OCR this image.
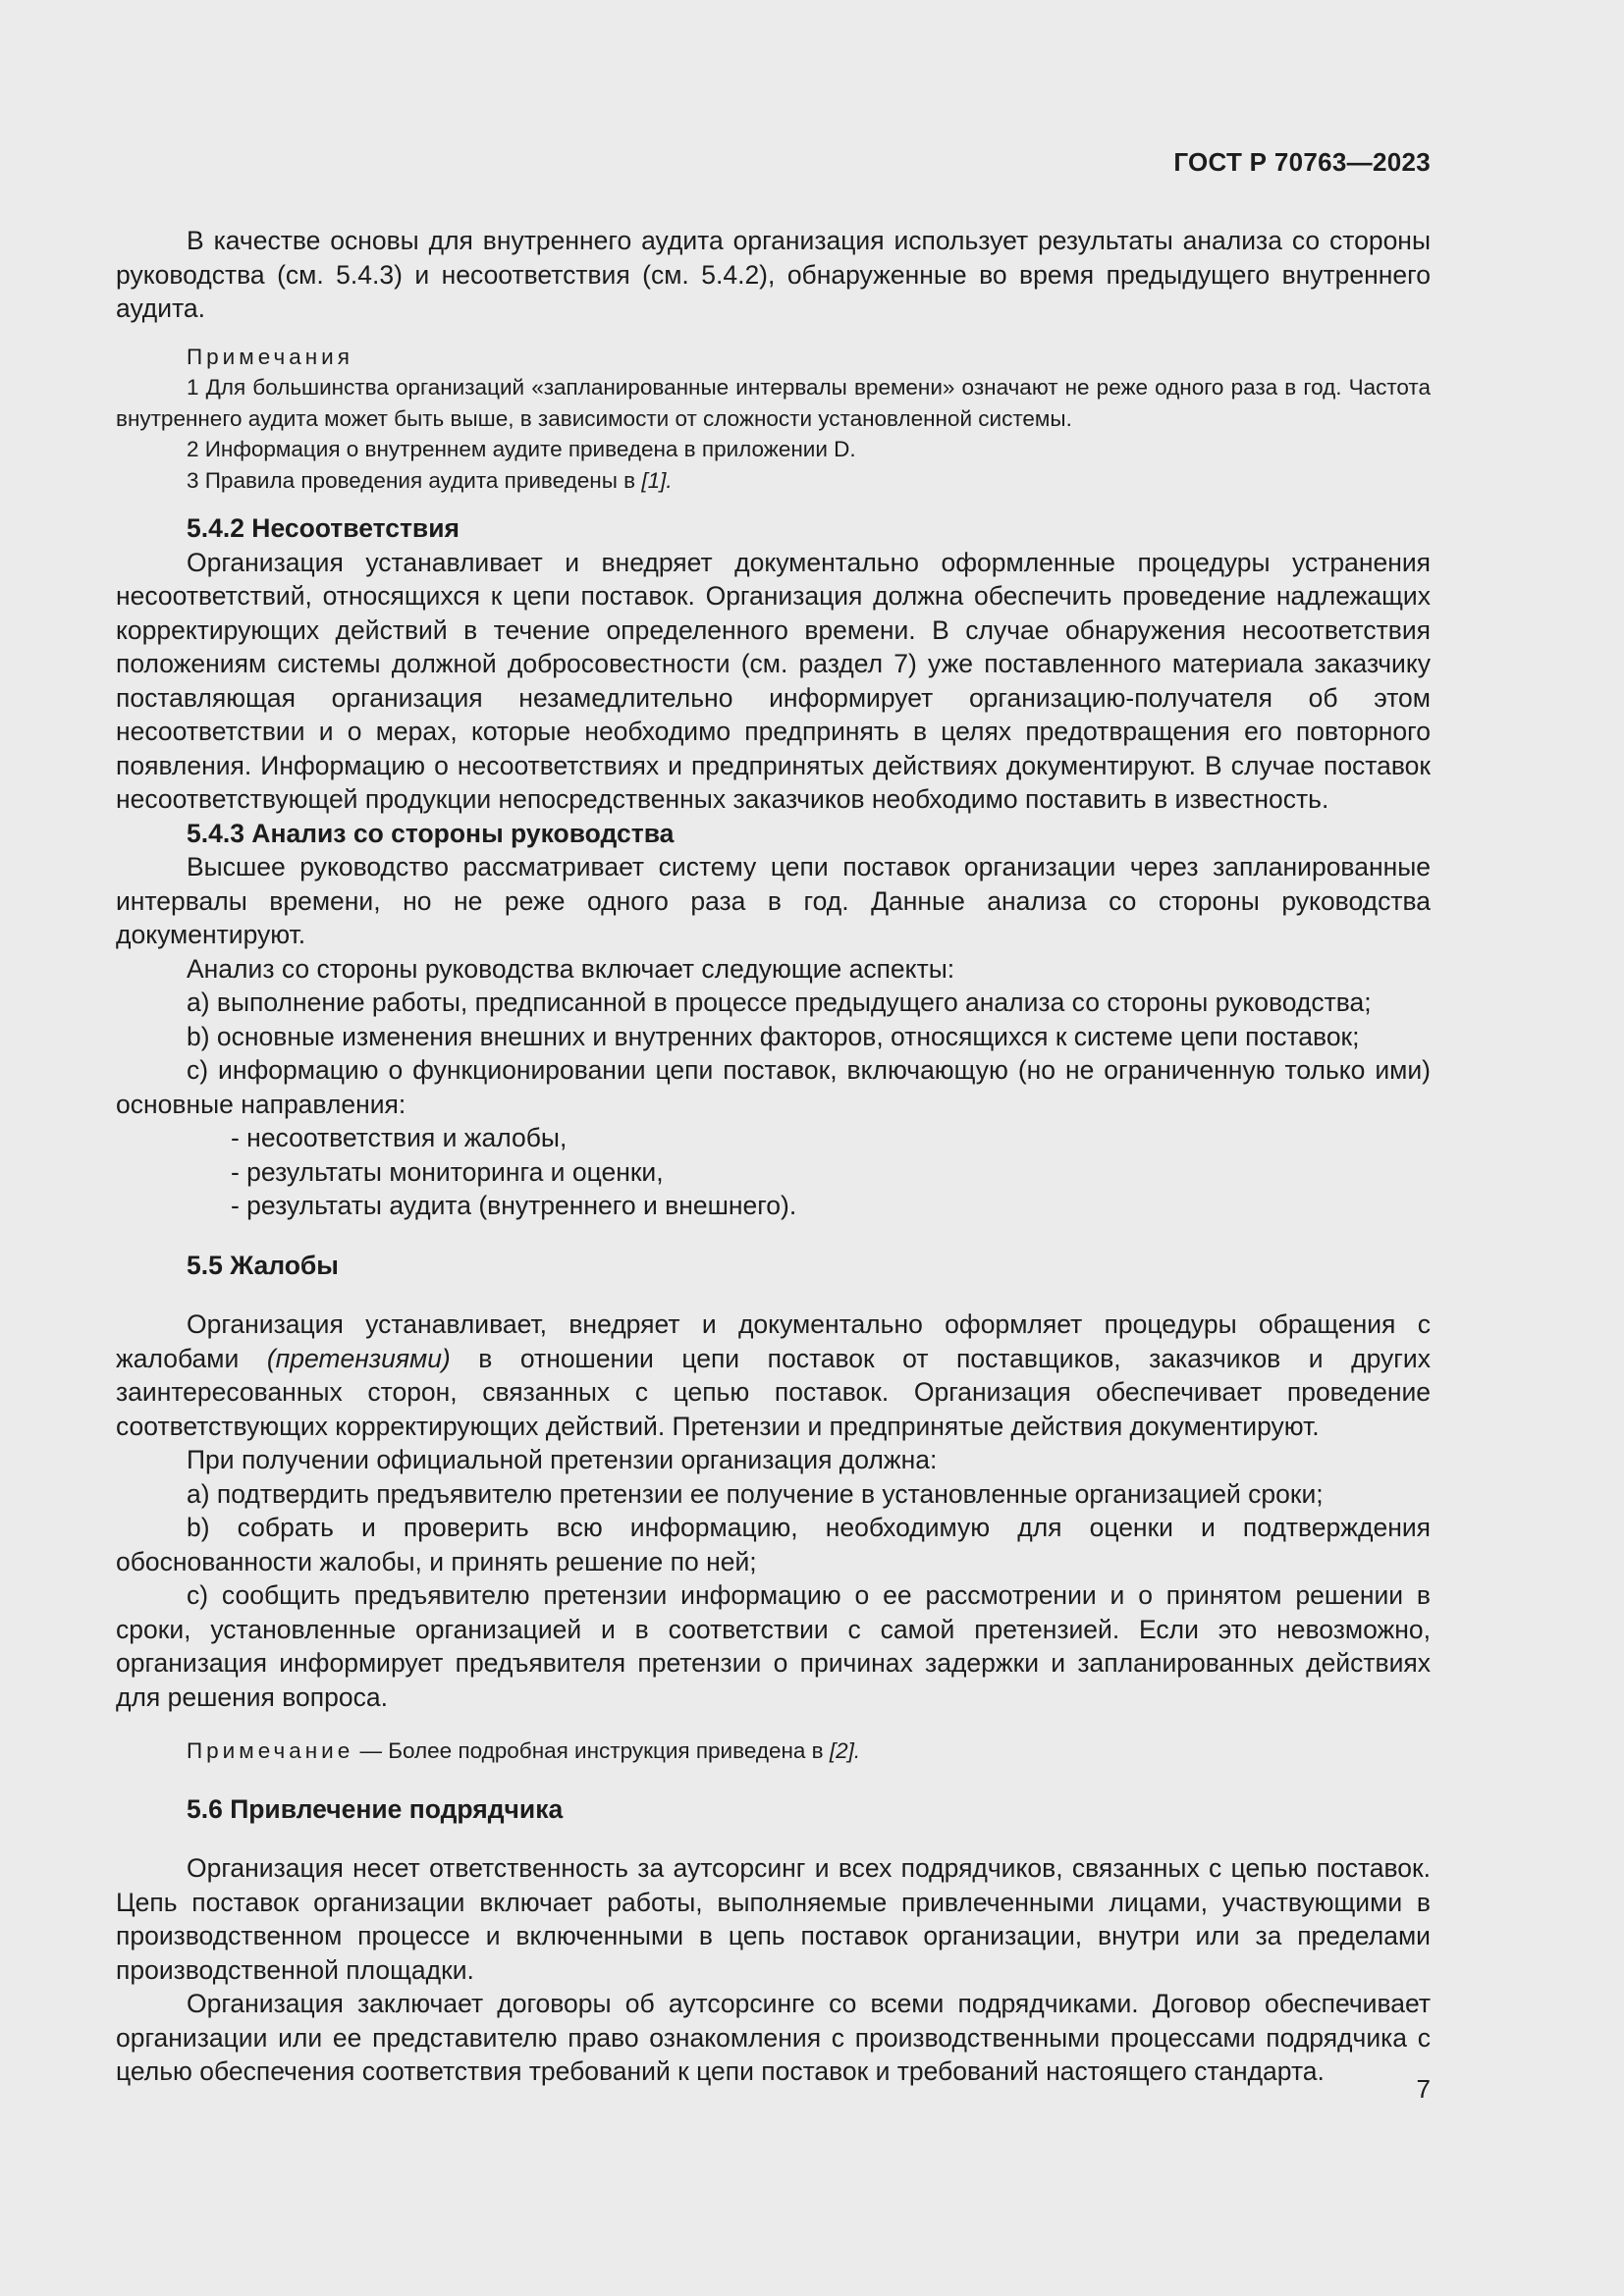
ГОСТ Р 70763—2023

В качестве основы для внутреннего аудита организация использует результаты анализа со стороны руководства (см. 5.4.3) и несоответствия (см. 5.4.2), обнаруженные во время предыдущего внутреннего аудита.

Примечания

1 Для большинства организаций «запланированные интервалы времени» означают не реже одного раза в год. Частота внутреннего аудита может быть выше, в зависимости от сложности установленной системы.

2 Информация о внутреннем аудите приведена в приложении D.

3 Правила проведения аудита приведены в [1].

5.4.2 Несоответствия

Организация устанавливает и внедряет документально оформленные процедуры устранения несоответствий, относящихся к цепи поставок. Организация должна обеспечить проведение надлежащих корректирующих действий в течение определенного времени. В случае обнаружения несоответствия положениям системы должной добросовестности (см. раздел 7) уже поставленного материала заказчику поставляющая организация незамедлительно информирует организацию-получателя об этом несоответствии и о мерах, которые необходимо предпринять в целях предотвращения его повторного появления. Информацию о несоответствиях и предпринятых действиях документируют. В случае поставок несоответствующей продукции непосредственных заказчиков необходимо поставить в известность.

5.4.3 Анализ со стороны руководства

Высшее руководство рассматривает систему цепи поставок организации через запланированные интервалы времени, но не реже одного раза в год. Данные анализа со стороны руководства документируют.

Анализ со стороны руководства включает следующие аспекты:

a) выполнение работы, предписанной в процессе предыдущего анализа со стороны руководства;

b) основные изменения внешних и внутренних факторов, относящихся к системе цепи поставок;

c) информацию о функционировании цепи поставок, включающую (но не ограниченную только ими) основные направления:

- несоответствия и жалобы,

- результаты мониторинга и оценки,

- результаты аудита (внутреннего и внешнего).

5.5 Жалобы

Организация устанавливает, внедряет и документально оформляет процедуры обращения с жалобами (претензиями) в отношении цепи поставок от поставщиков, заказчиков и других заинтересованных сторон, связанных с цепью поставок. Организация обеспечивает проведение соответствующих корректирующих действий. Претензии и предпринятые действия документируют.

При получении официальной претензии организация должна:

a) подтвердить предъявителю претензии ее получение в установленные организацией сроки;

b) собрать и проверить всю информацию, необходимую для оценки и подтверждения обоснованности жалобы, и принять решение по ней;

c) сообщить предъявителю претензии информацию о ее рассмотрении и о принятом решении в сроки, установленные организацией и в соответствии с самой претензией. Если это невозможно, организация информирует предъявителя претензии о причинах задержки и запланированных действиях для решения вопроса.

Примечание — Более подробная инструкция приведена в [2].

5.6 Привлечение подрядчика

Организация несет ответственность за аутсорсинг и всех подрядчиков, связанных с цепью поставок. Цепь поставок организации включает работы, выполняемые привлеченными лицами, участвующими в производственном процессе и включенными в цепь поставок организации, внутри или за пределами производственной площадки.

Организация заключает договоры об аутсорсинге со всеми подрядчиками. Договор обеспечивает организации или ее представителю право ознакомления с производственными процессами подрядчика с целью обеспечения соответствия требований к цепи поставок и требований настоящего стандарта.

7
